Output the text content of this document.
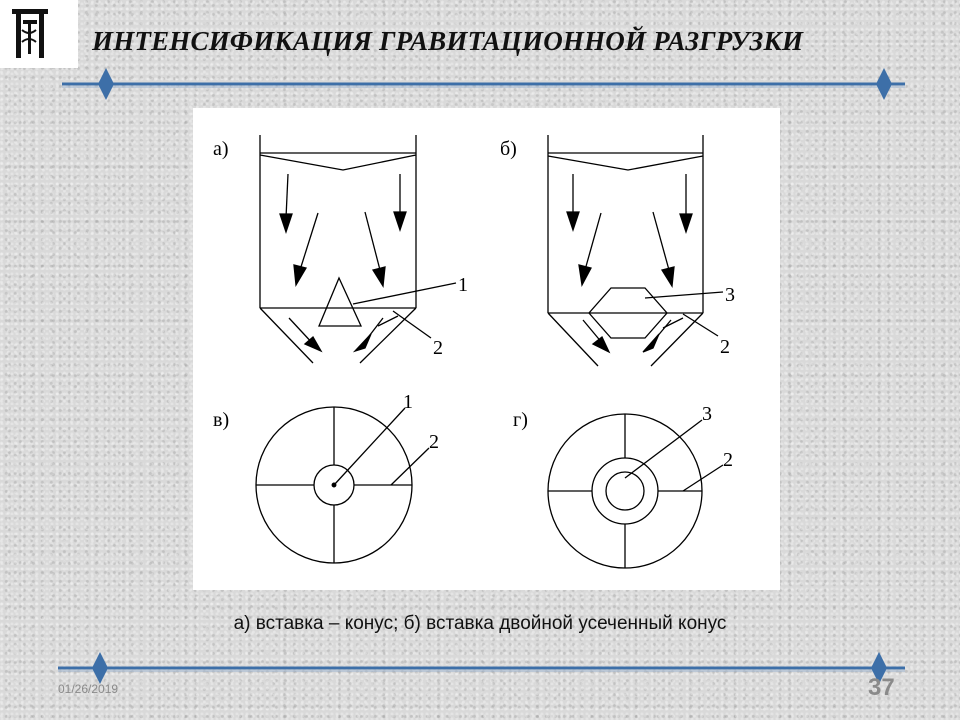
ИНТЕНСИФИКАЦИЯ ГРАВИТАЦИОННОЙ РАЗГРУЗКИ
а)
1
2
б)
3
2
в)
1
2
г)	3
2
а) вставка – конус; б) вставка двойной усеченный конус
01/26/2019	37
